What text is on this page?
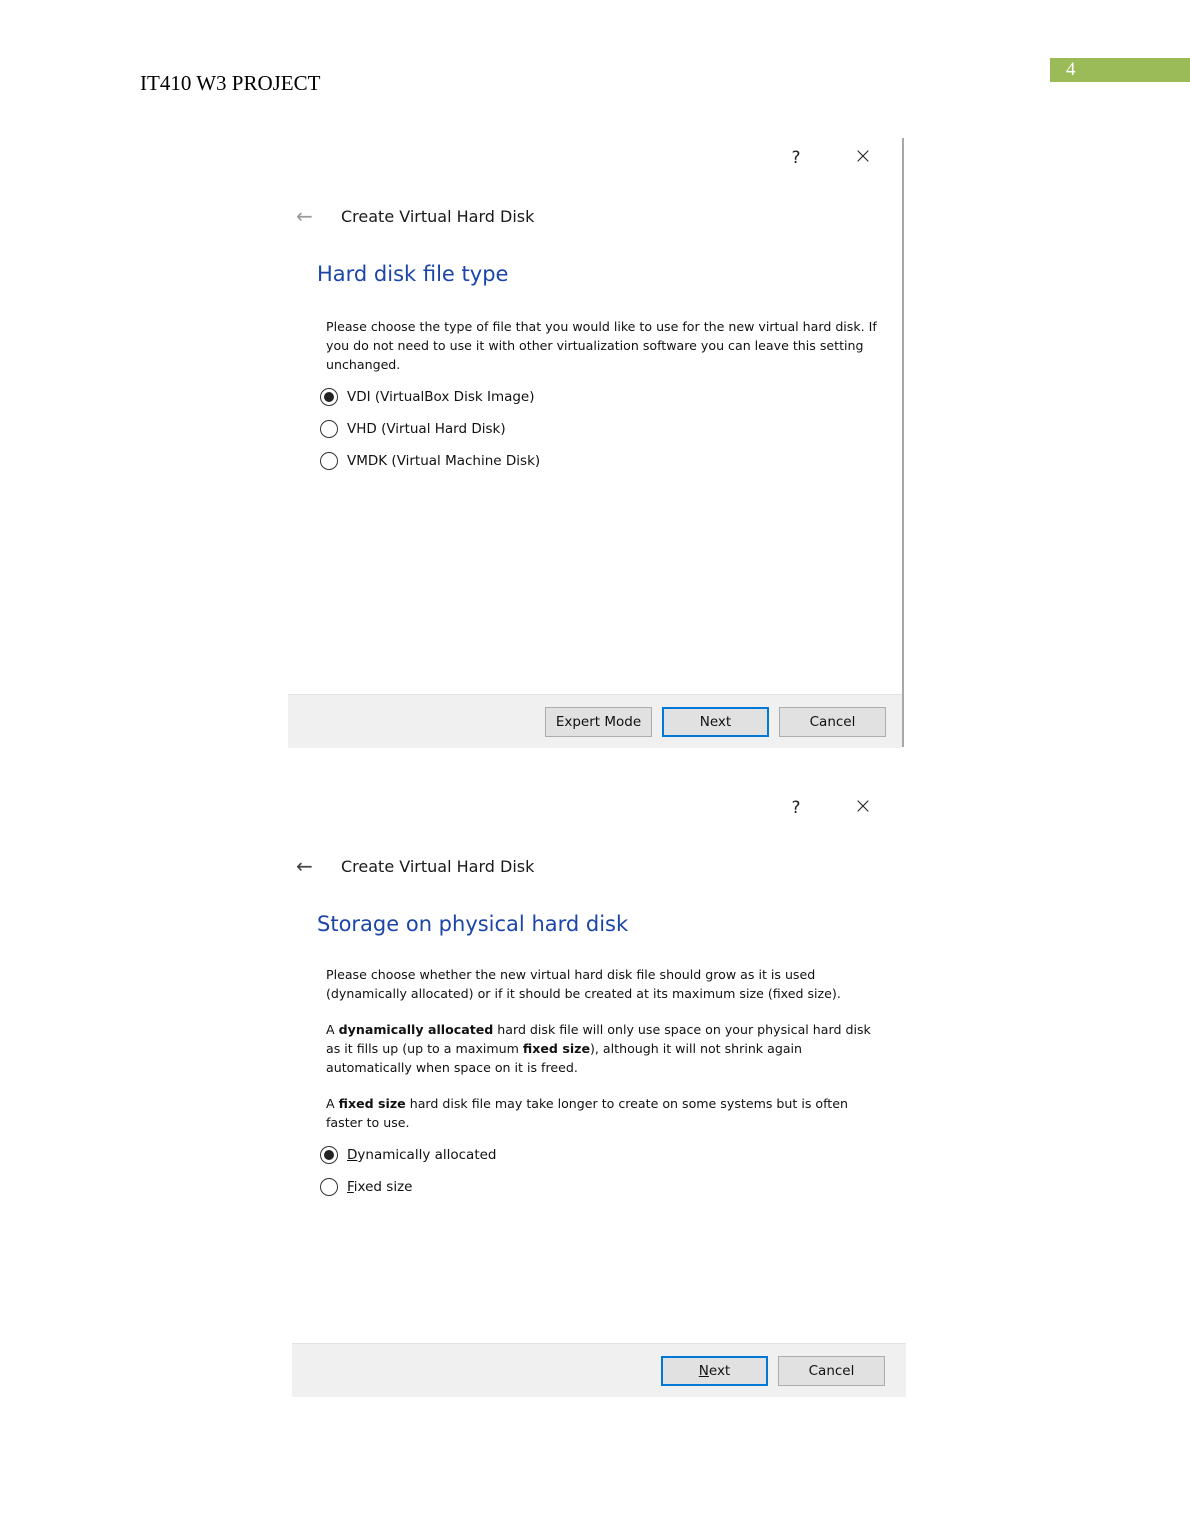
IT410 W3 PROJECT
4
?	×
←	Create Virtual Hard Disk
Hard disk file type

Please choose the type of file that you would like to use for the new virtual hard disk. If you do not need to use it with other virtualization software you can leave this setting unchanged.

VDI (VirtualBox Disk Image)
VHD (Virtual Hard Disk)
VMDK (Virtual Machine Disk)
Expert Mode	Next	Cancel
?	×
←	Create Virtual Hard Disk
Storage on physical hard disk

Please choose whether the new virtual hard disk file should grow as it is used (dynamically allocated) or if it should be created at its maximum size (fixed size).

A dynamically allocated hard disk file will only use space on your physical hard disk as it fills up (up to a maximum fixed size), although it will not shrink again automatically when space on it is freed.

A fixed size hard disk file may take longer to create on some systems but is often faster to use.

Dynamically allocated
Fixed size
N ext	Cancel
